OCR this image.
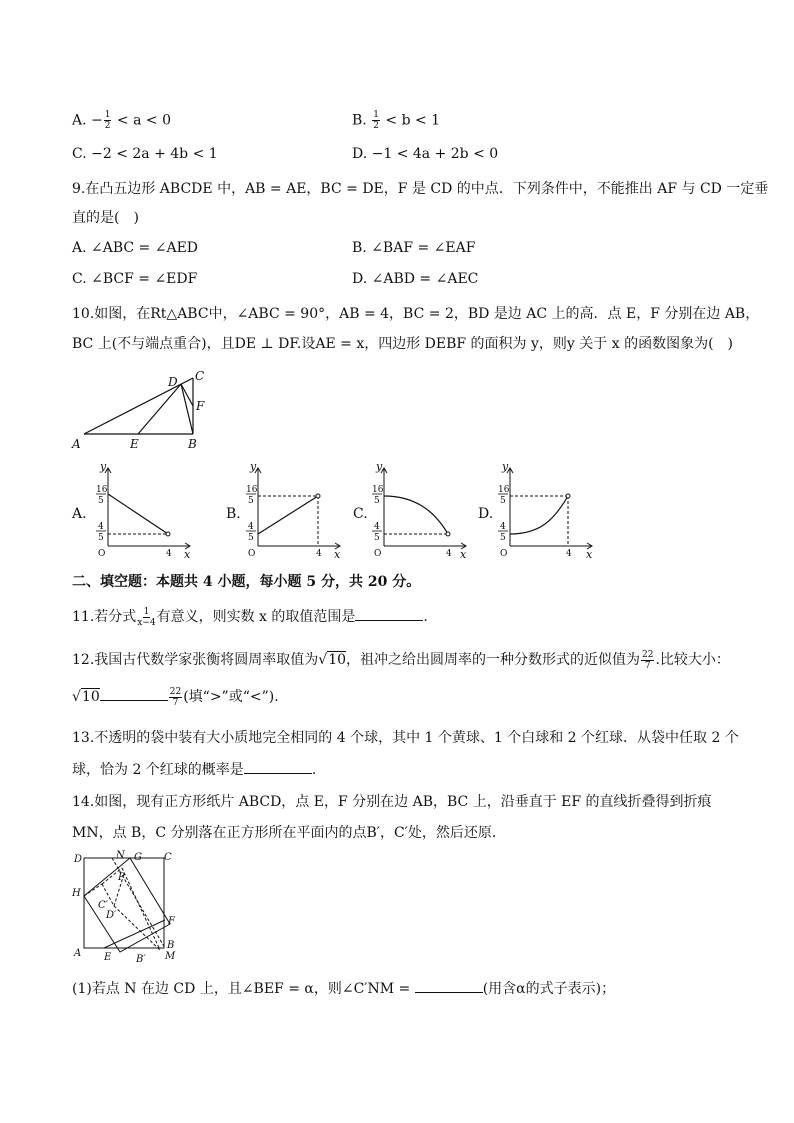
A. − $\frac{1}{2} < a < 0$	B. $\frac{1}{2} < b < 1$
C. −2 < 2a + 4b < 1	D. −1 < 4a + 2b < 0
9.在凸五边形 ABCDE 中，AB = AE，BC = DE，F 是 CD 的中点．下列条件中，不能推出 AF 与 CD 一定垂
直的是(　)
A. ∠ABC = ∠AED	B. ∠BAF = ∠EAF
C. ∠BCF = ∠EDF	D. ∠ABD = ∠AEC
10.如图，在Rt△ABC中，∠ABC = 90°，AB = 4，BC = 2，BD 是边 AC 上的高．点 E，F 分别在边 AB，
BC 上(不与端点重合)，且DE ⊥ DF.设AE = x，四边形 DEBF 的面积为 y，则y 关于 x 的函数图象为(　)
A	E	B
D C
F
A.	B.	C.	D.
16
5
4
5
O	4
y
x
16
5
4
5
O	4
y
x
16
5
4
5
O	4
y
x
16
5
4
5
O	4
y
x
二、填空题：本题共 4 小题，每小题 5 分，共 20 分。
11.若分式 $\frac{1}{x-4}$ 有意义，则实数 x 的取值范围是	.
12.我国古代数学家张衡将圆周率取值为√10，祖冲之给出圆周率的一种分数形式的近似值为 $\frac{22}{7}$ .比较大小：
√10	$\frac{22}{7}$ (填“>”或“<”).
13.不透明的袋中装有大小质地完全相同的 4 个球，其中 1 个黄球、1 个白球和 2 个红球．从袋中任取 2 个
球，恰为 2 个红球的概率是	.
14.如图，现有正方形纸片 ABCD，点 E，F 分别在边 AB，BC 上，沿垂直于 EF 的直线折叠得到折痕
MN，点 B，C 分别落在正方形所在平面内的点B′，C′处，然后还原．
D	N G C
P
H
C′
D′
F
A E B′
B
M
(1)若点 N 在边 CD 上，且∠BEF = α，则∠C′NM =	(用含α的式子表示)；
